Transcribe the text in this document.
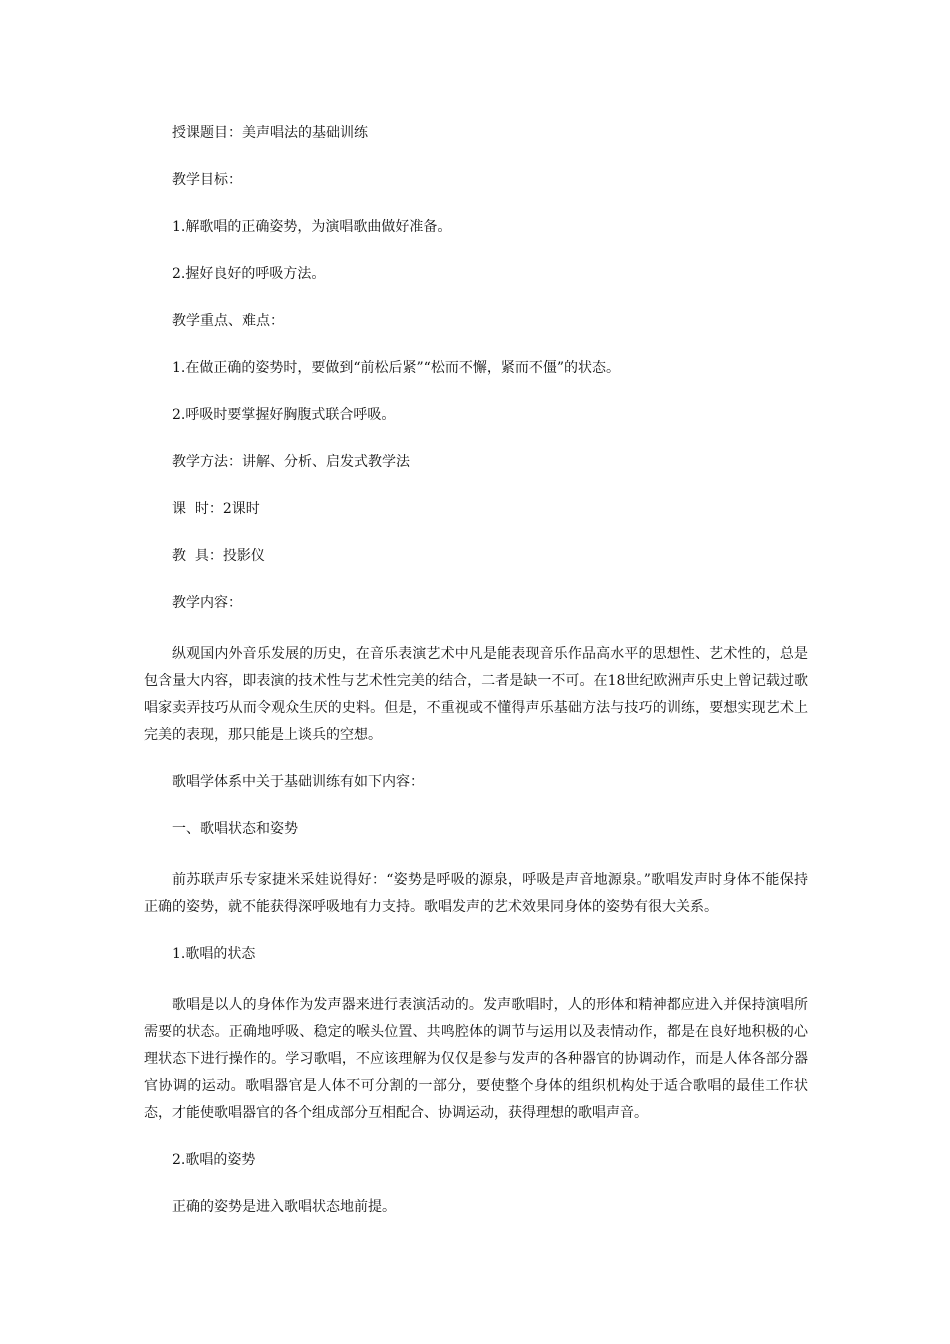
授课题目：美声唱法的基础训练
教学目标：
1.解歌唱的正确姿势，为演唱歌曲做好准备。
2.握好良好的呼吸方法。
教学重点、难点：
1.在做正确的姿势时，要做到“前松后紧”“松而不懈，紧而不僵”的状态。
2.呼吸时要掌握好胸腹式联合呼吸。
教学方法：讲解、分析、启发式教学法
课  时：2课时
教  具：投影仪
教学内容：

纵观国内外音乐发展的历史，在音乐表演艺术中凡是能表现音乐作品高水平的思想性、艺术性的，总是包含量大内容，即表演的技术性与艺术性完美的结合，二者是缺一不可。在18世纪欧洲声乐史上曾记载过歌唱家卖弄技巧从而令观众生厌的史料。但是，不重视或不懂得声乐基础方法与技巧的训练，要想实现艺术上完美的表现，那只能是上谈兵的空想。

歌唱学体系中关于基础训练有如下内容：
一、歌唱状态和姿势

前苏联声乐专家捷米采娃说得好：“姿势是呼吸的源泉，呼吸是声音地源泉。”歌唱发声时身体不能保持正确的姿势，就不能获得深呼吸地有力支持。歌唱发声的艺术效果同身体的姿势有很大关系。

1.歌唱的状态

歌唱是以人的身体作为发声器来进行表演活动的。发声歌唱时，人的形体和精神都应进入并保持演唱所需要的状态。正确地呼吸、稳定的喉头位置、共鸣腔体的调节与运用以及表情动作，都是在良好地积极的心理状态下进行操作的。学习歌唱，不应该理解为仅仅是参与发声的各种器官的协调动作，而是人体各部分器官协调的运动。歌唱器官是人体不可分割的一部分，要使整个身体的组织机构处于适合歌唱的最佳工作状态，才能使歌唱器官的各个组成部分互相配合、协调运动，获得理想的歌唱声音。

2.歌唱的姿势
正确的姿势是进入歌唱状态地前提。
